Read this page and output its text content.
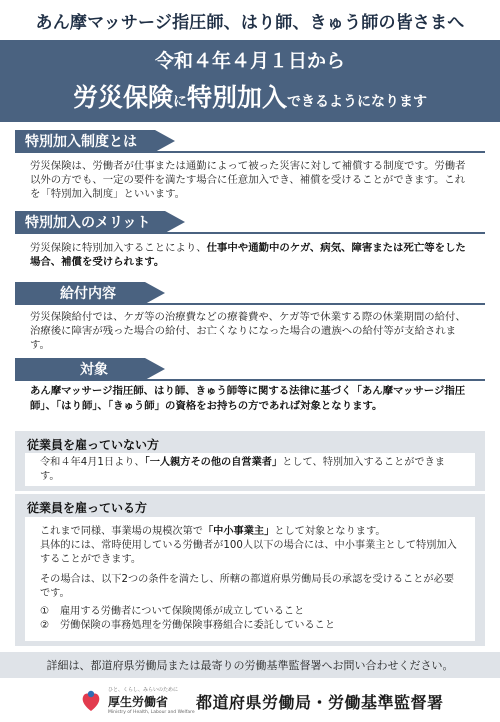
あん摩マッサージ指圧師、はり師、きゅう師の皆さまへ
令和４年４月１日から
労災保険に特別加入できるようになります
特別加入制度とは
労災保険は、労働者が仕事または通勤によって被った災害に対して補償する制度です。労働者以外の方でも、一定の要件を満たす場合に任意加入でき、補償を受けることができます。これを「特別加入制度」といいます。
特別加入のメリット
労災保険に特別加入することにより、仕事中や通勤中のケガ、病気、障害または死亡等をした場合、補償を受けられます。
給付内容
労災保険給付では、ケガ等の治療費などの療養費や、ケガ等で休業する際の休業期間の給付、治療後に障害が残った場合の給付、お亡くなりになった場合の遺族への給付等が支給されます。
対象
あん摩マッサージ指圧師、はり師、きゅう師等に関する法律に基づく「あん摩マッサージ指圧師」、「はり師」、「きゅう師」の資格をお持ちの方であれば対象となります。
従業員を雇っていない方
令和４年4月1日より、「一人親方その他の自営業者」として、特別加入することができます。
従業員を雇っている方
これまで同様、事業場の規模次第で「中小事業主」として対象となります。
具体的には、常時使用している労働者が100人以下の場合には、中小事業主として特別加入することができます。
その場合は、以下2つの条件を満たし、所轄の都道府県労働局長の承認を受けることが必要です。
①	雇用する労働者について保険関係が成立していること
②	労働保険の事務処理を労働保険事務組合に委託していること
詳細は、都道府県労働局または最寄りの労働基準監督署へお問い合わせください。
ひと、くらし、みらいのために
厚生労働省
Ministry of Health, Labour and Welfare
都道府県労働局・労働基準監督署
